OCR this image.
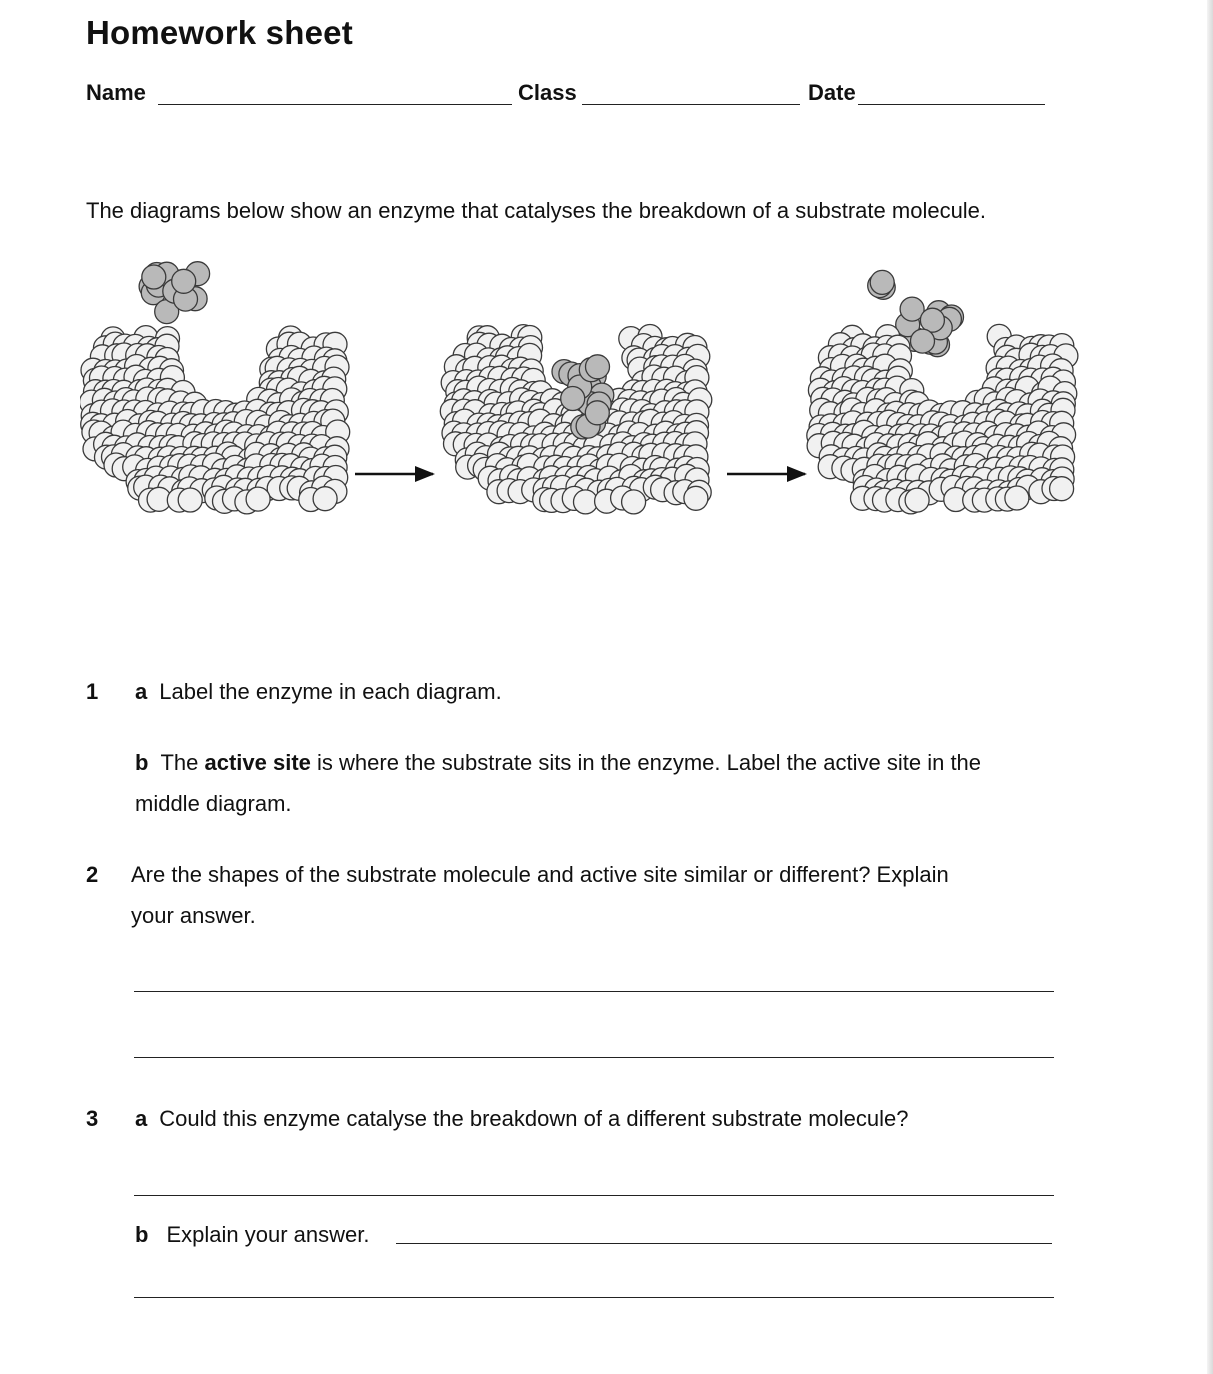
Homework sheet
Name	Class	Date
The diagrams below show an enzyme that catalyses the breakdown of a substrate molecule.
1 a Label the enzyme in each diagram.
b The active site is where the substrate sits in the enzyme. Label the active site in the
middle diagram.
2 Are the shapes of the substrate molecule and active site similar or different? Explain
your answer.
3 a Could this enzyme catalyse the breakdown of a different substrate molecule?
b Explain your answer.
